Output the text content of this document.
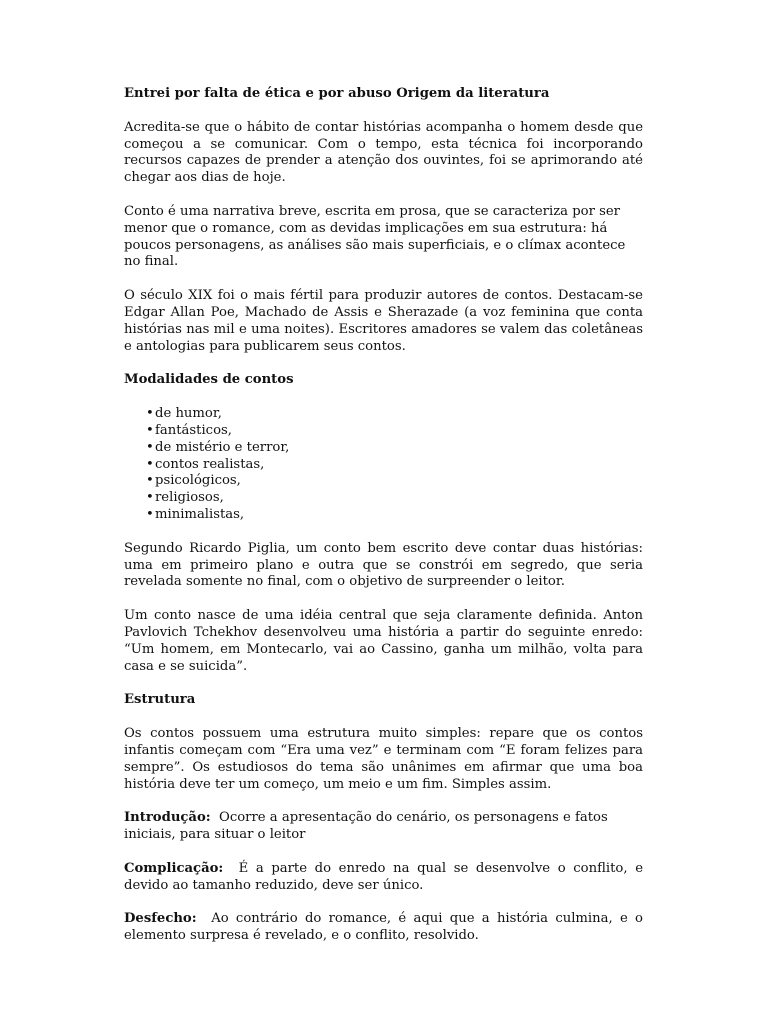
Entrei por falta de ética e por abuso Origem da literatura

Acredita-se que o hábito de contar histórias acompanha o homem desde que começou a se comunicar. Com o tempo, esta técnica foi incorporando recursos capazes de prender a atenção dos ouvintes, foi se aprimorando até chegar aos dias de hoje.

Conto é uma narrativa breve, escrita em prosa, que se caracteriza por ser menor que o romance, com as devidas implicações em sua estrutura: há poucos personagens, as análises são mais superficiais, e o clímax acontece no final.

O século XIX foi o mais fértil para produzir autores de contos. Destacam-se Edgar Allan Poe, Machado de Assis e Sherazade (a voz feminina que conta histórias nas mil e uma noites). Escritores amadores se valem das coletâneas e antologias para publicarem seus contos.

Modalidades de contos

•de humor,
•fantásticos,
•de mistério e terror,
•contos realistas,
•psicológicos,
•religiosos,
•minimalistas,

Segundo Ricardo Piglia, um conto bem escrito deve contar duas histórias: uma em primeiro plano e outra que se constrói em segredo, que seria revelada somente no final, com o objetivo de surpreender o leitor.

Um conto nasce de uma idéia central que seja claramente definida. Anton Pavlovich Tchekhov desenvolveu uma história a partir do seguinte enredo: “Um homem, em Montecarlo, vai ao Cassino, ganha um milhão, volta para casa e se suicida”.

Estrutura

Os contos possuem uma estrutura muito simples: repare que os contos infantis começam com “Era uma vez” e terminam com “E foram felizes para sempre”. Os estudiosos do tema são unânimes em afirmar que uma boa história deve ter um começo, um meio e um fim. Simples assim.

Introdução: Ocorre a apresentação do cenário, os personagens e fatos iniciais, para situar o leitor

Complicação: É a parte do enredo na qual se desenvolve o conflito, e devido ao tamanho reduzido, deve ser único.

Desfecho: Ao contrário do romance, é aqui que a história culmina, e o elemento surpresa é revelado, e o conflito, resolvido.
